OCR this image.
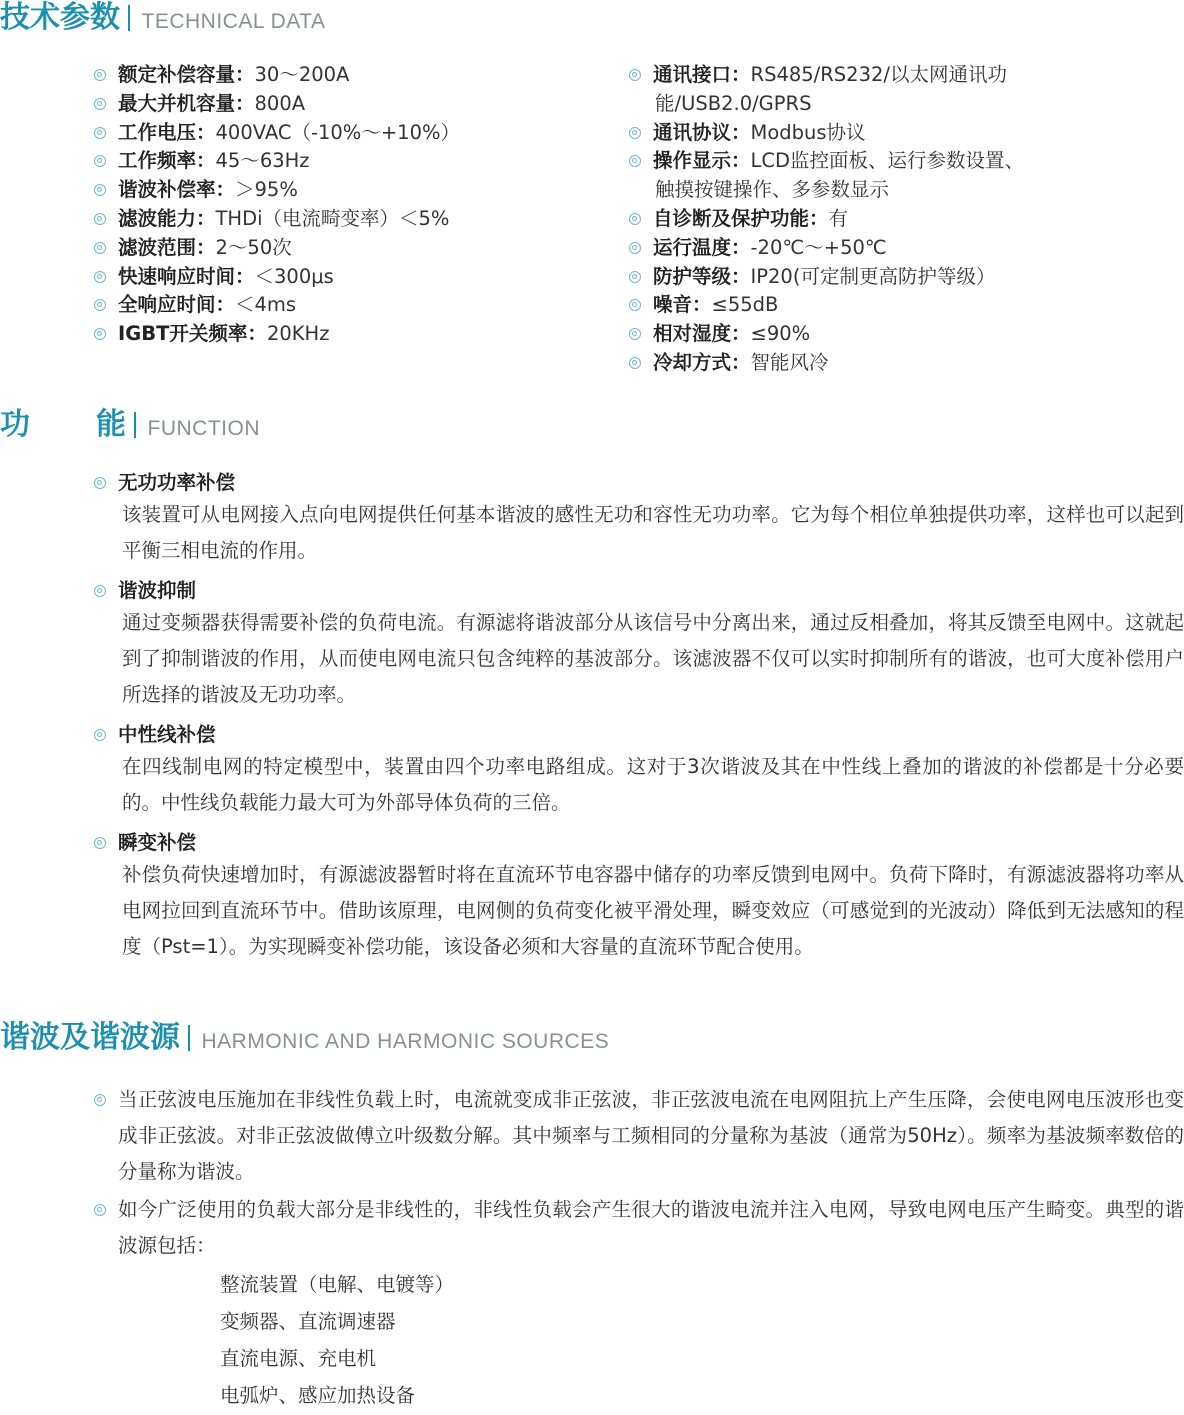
技术参数 TECHNICAL DATA
额定补偿容量：30～200A
最大并机容量：800A
工作电压：400VAC（-10%～+10%）
工作频率：45～63Hz
谐波补偿率：＞95%
滤波能力：THDi（电流畸变率）＜5%
滤波范围：2～50次
快速响应时间：＜300μs
全响应时间：＜4ms
IGBT开关频率：20KHz
通讯接口：RS485/RS232/以太网通讯功
能/USB2.0/GPRS
通讯协议：Modbus协议
操作显示：LCD监控面板、运行参数设置、
触摸按键操作、多参数显示
自诊断及保护功能：有
运行温度：-20℃～+50℃
防护等级：IP20(可定制更高防护等级）
噪音：≤55dB
相对湿度：≤90%
冷却方式：智能风冷
功 能 FUNCTION
无功功率补偿
该装置可从电网接入点向电网提供任何基本谐波的感性无功和容性无功功率。它为每个相位单独提供功率，这样也可以起到平衡三相电流的作用。
谐波抑制
通过变频器获得需要补偿的负荷电流。有源滤将谐波部分从该信号中分离出来，通过反相叠加，将其反馈至电网中。这就起到了抑制谐波的作用，从而使电网电流只包含纯粹的基波部分。该滤波器不仅可以实时抑制所有的谐波，也可大度补偿用户所选择的谐波及无功功率。
中性线补偿
在四线制电网的特定模型中，装置由四个功率电路组成。这对于3次谐波及其在中性线上叠加的谐波的补偿都是十分必要的。中性线负载能力最大可为外部导体负荷的三倍。
瞬变补偿
补偿负荷快速增加时，有源滤波器暂时将在直流环节电容器中储存的功率反馈到电网中。负荷下降时，有源滤波器将功率从电网拉回到直流环节中。借助该原理，电网侧的负荷变化被平滑处理，瞬变效应（可感觉到的光波动）降低到无法感知的程度（Pst=1）。为实现瞬变补偿功能，该设备必须和大容量的直流环节配合使用。
谐波及谐波源 HARMONIC AND HARMONIC SOURCES
当正弦波电压施加在非线性负载上时，电流就变成非正弦波，非正弦波电流在电网阻抗上产生压降，会使电网电压波形也变成非正弦波。对非正弦波做傅立叶级数分解。其中频率与工频相同的分量称为基波（通常为50Hz）。频率为基波频率数倍的分量称为谐波。
如今广泛使用的负载大部分是非线性的，非线性负载会产生很大的谐波电流并注入电网，导致电网电压产生畸变。典型的谐波源包括：
整流装置（电解、电镀等）
变频器、直流调速器
直流电源、充电机
电弧炉、感应加热设备
